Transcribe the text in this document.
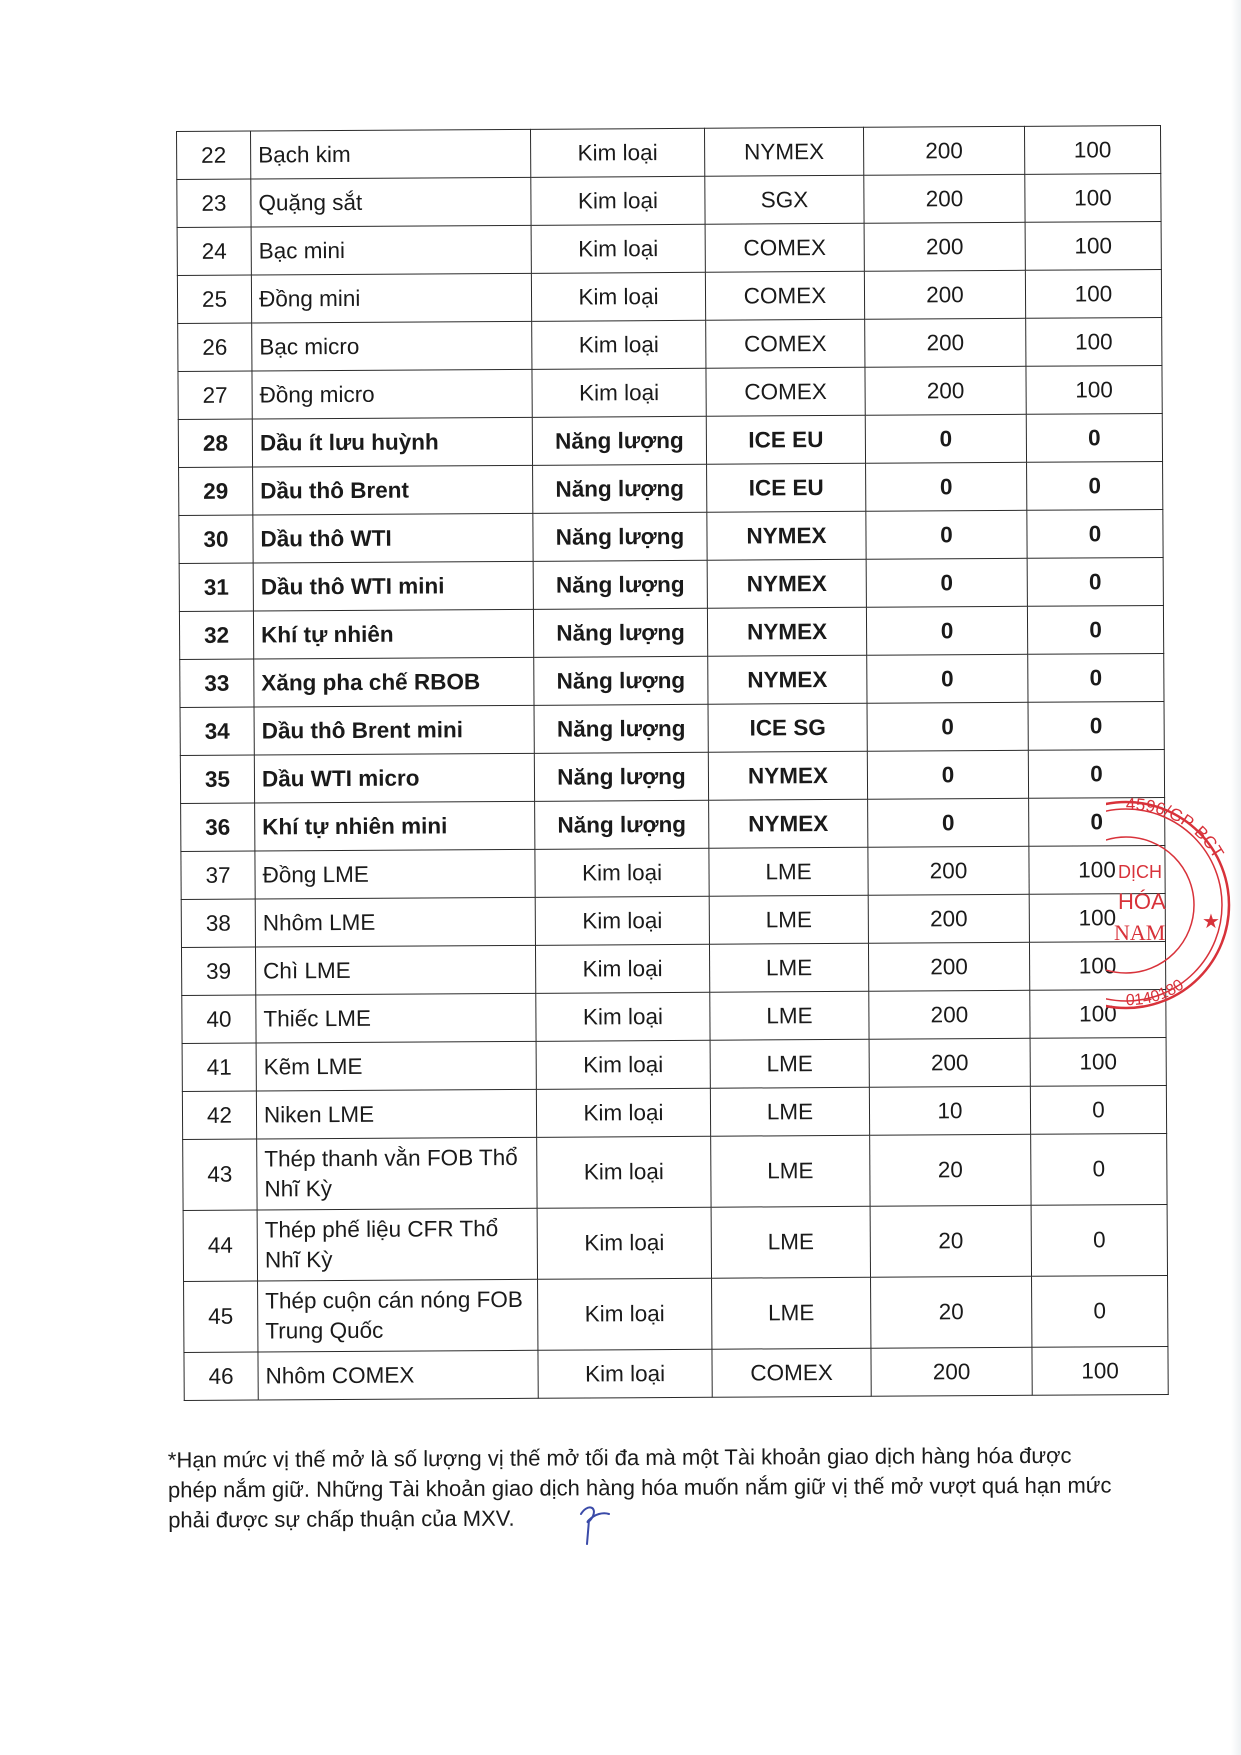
22	Bạch kim	Kim loại	NYMEX	200	100
23	Quặng sắt	Kim loại	SGX	200	100
24	Bạc mini	Kim loại	COMEX	200	100
25	Đồng mini	Kim loại	COMEX	200	100
26	Bạc micro	Kim loại	COMEX	200	100
27	Đồng micro	Kim loại	COMEX	200	100
28	Dầu ít lưu huỳnh	Năng lượng	ICE EU	0	0
29	Dầu thô Brent	Năng lượng	ICE EU	0	0
30	Dầu thô WTI	Năng lượng	NYMEX	0	0
31	Dầu thô WTI mini	Năng lượng	NYMEX	0	0
32	Khí tự nhiên	Năng lượng	NYMEX	0	0
33	Xăng pha chế RBOB	Năng lượng	NYMEX	0	0
34	Dầu thô Brent mini	Năng lượng	ICE SG	0	0
35	Dầu WTI micro	Năng lượng	NYMEX	0	0
36	Khí tự nhiên mini	Năng lượng	NYMEX	0	0
37	Đồng LME	Kim loại	LME	200	100
38	Nhôm LME	Kim loại	LME	200	100
39	Chì LME	Kim loại	LME	200	100
40	Thiếc LME	Kim loại	LME	200	100
41	Kẽm LME	Kim loại	LME	200	100
42	Niken LME	Kim loại	LME	10	0
43	Thép thanh vằn FOB Thổ Nhĩ Kỳ	Kim loại	LME	20	0
44	Thép phế liệu CFR Thổ Nhĩ Kỳ	Kim loại	LME	20	0
45	Thép cuộn cán nóng FOB Trung Quốc	Kim loại	LME	20	0
46	Nhôm COMEX	Kim loại	COMEX	200	100
*Hạn mức vị thế mở là số lượng vị thế mở tối đa mà một Tài khoản giao dịch hàng hóa được phép nắm giữ. Những Tài khoản giao dịch hàng hóa muốn nắm giữ vị thế mở vượt quá hạn mức phải được sự chấp thuận của MXV.
4596/GP-BCT
DỊCH
HÓA
NAM ★
0140180
